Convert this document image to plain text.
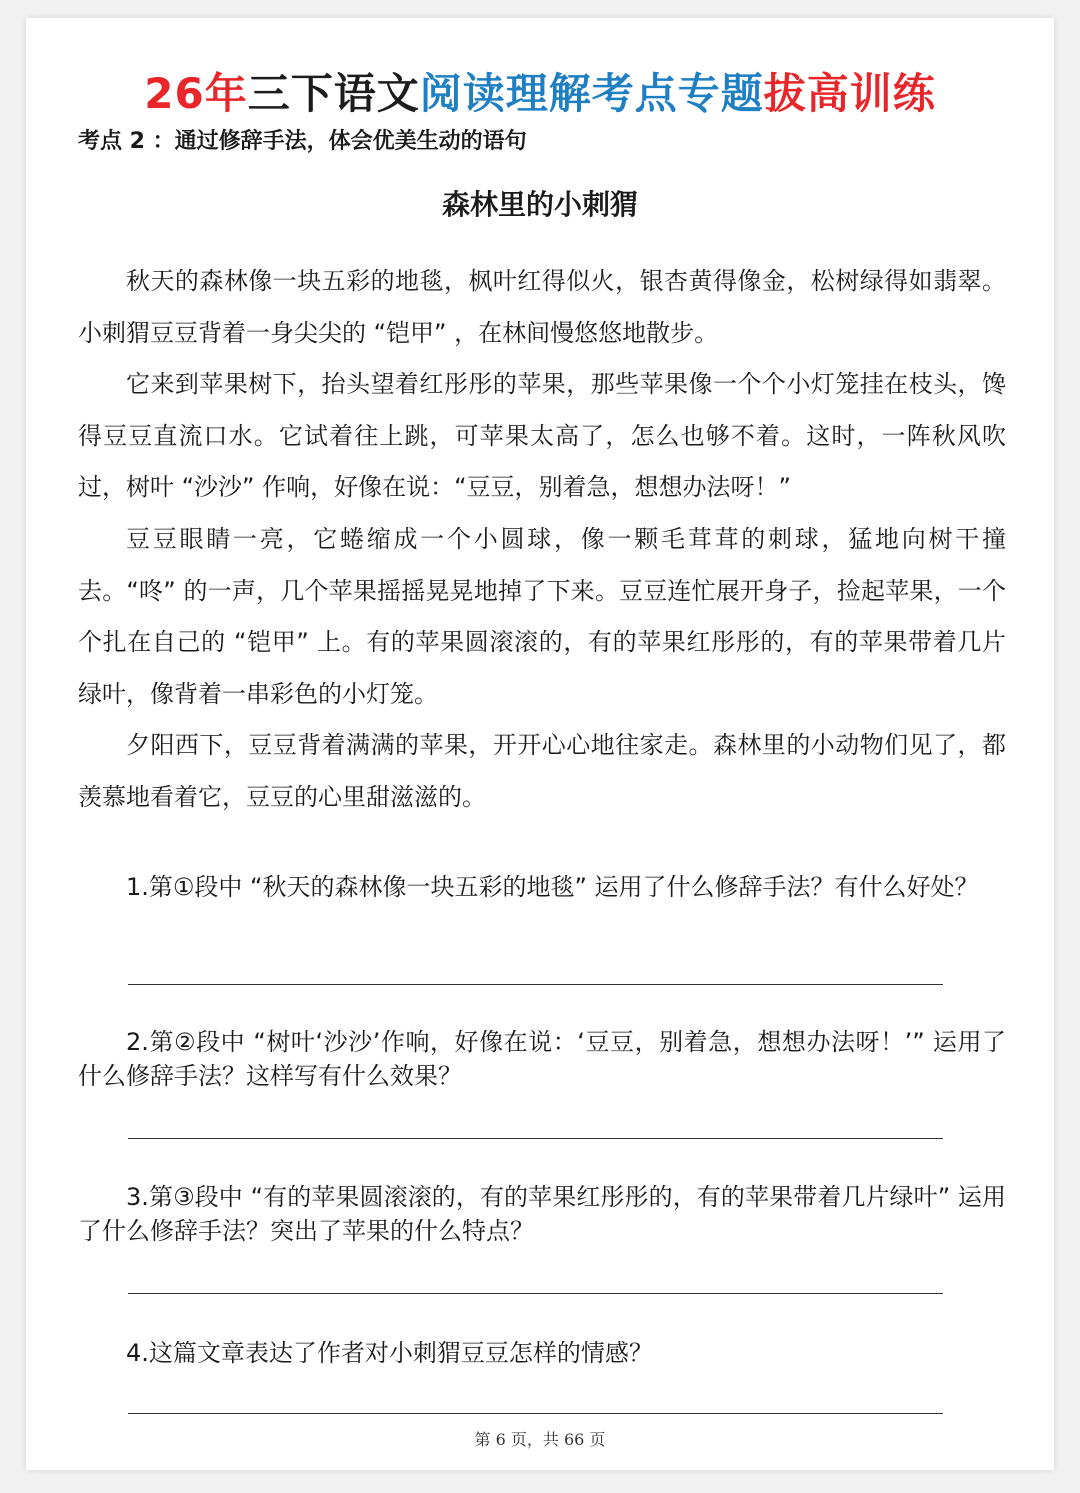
26年三下语文阅读理解考点专题拔高训练
考点 2 ：通过修辞手法，体会优美生动的语句
森林里的小刺猬

秋天的森林像一块五彩的地毯，枫叶红得似火，银杏黄得像金，松树绿得如翡翠。小刺猬豆豆背着一身尖尖的 “铠甲” ，在林间慢悠悠地散步。

它来到苹果树下，抬头望着红彤彤的苹果，那些苹果像一个个小灯笼挂在枝头，馋得豆豆直流口水。它试着往上跳，可苹果太高了，怎么也够不着。这时，一阵秋风吹过，树叶 “沙沙” 作响，好像在说：“豆豆，别着急，想想办法呀！”

豆豆眼睛一亮，它蜷缩成一个小圆球，像一颗毛茸茸的刺球，猛地向树干撞去。“咚” 的一声，几个苹果摇摇晃晃地掉了下来。豆豆连忙展开身子，捡起苹果，一个个扎在自己的 “铠甲” 上。有的苹果圆滚滚的，有的苹果红彤彤的，有的苹果带着几片绿叶，像背着一串彩色的小灯笼。

夕阳西下，豆豆背着满满的苹果，开开心心地往家走。森林里的小动物们见了，都羡慕地看着它，豆豆的心里甜滋滋的。

1.第①段中 “秋天的森林像一块五彩的地毯” 运用了什么修辞手法？有什么好处？
2.第②段中 “树叶‘沙沙’作响，好像在说：‘豆豆，别着急，想想办法呀！’” 运用了什么修辞手法？这样写有什么效果？
3.第③段中 “有的苹果圆滚滚的，有的苹果红彤彤的，有的苹果带着几片绿叶” 运用了什么修辞手法？突出了苹果的什么特点？
4.这篇文章表达了作者对小刺猬豆豆怎样的情感？
第 6 页，共 66 页
